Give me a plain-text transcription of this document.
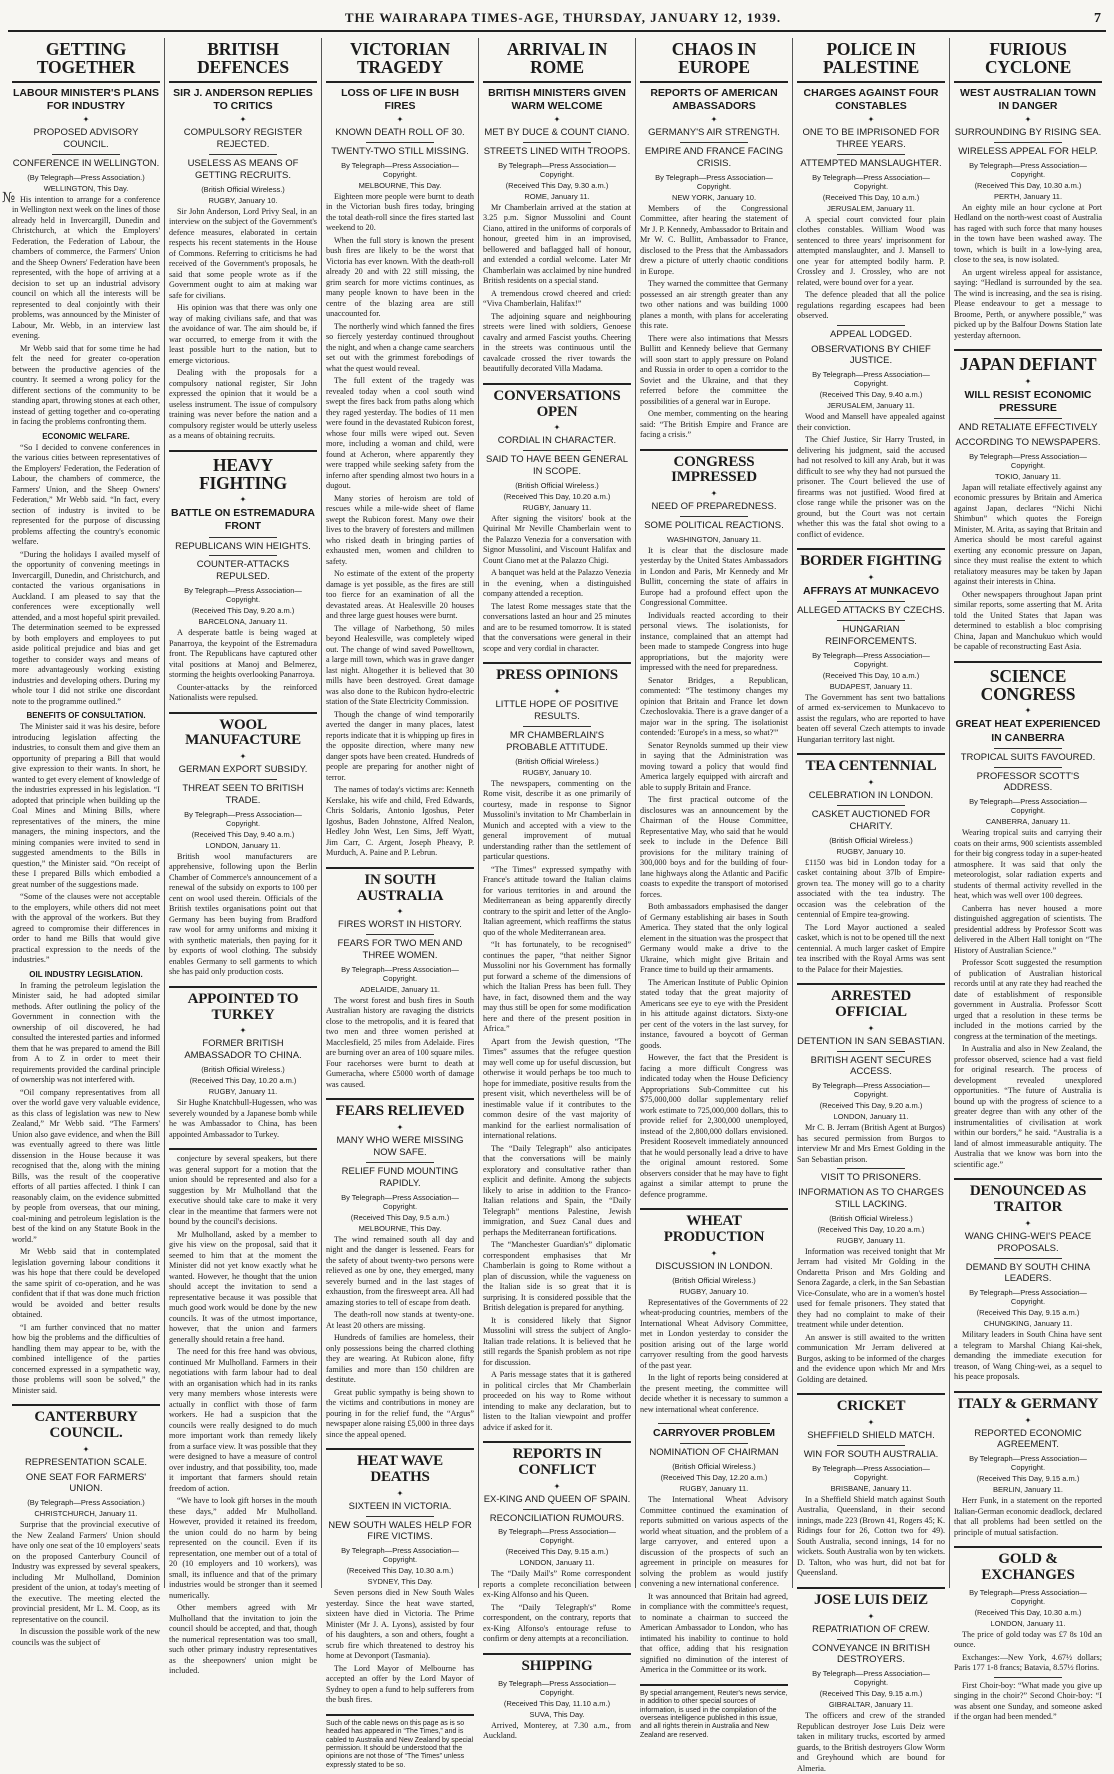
№
THE WAIRARAPA TIMES-AGE, THURSDAY, JANUARY 12, 1939.	7
GETTING TOGETHER
LABOUR MINISTER'S PLANS FOR INDUSTRY
✦
PROPOSED ADVISORY COUNCIL.
CONFERENCE IN WELLINGTON.
(By Telegraph—Press Association.)
WELLINGTON, This Day.

His intention to arrange for a conference in Wellington next week on the lines of those already held in Invercargill, Dunedin and Christchurch, at which the Employers' Federation, the Federation of Labour, the chambers of commerce, the Farmers' Union and the Sheep Owners' Federation have been represented, with the hope of arriving at a decision to set up an industrial advisory council on which all the interests will be represented to deal conjointly with their problems, was announced by the Minister of Labour, Mr. Webb, in an interview last evening.

Mr Webb said that for some time he had felt the need for greater co-operation between the productive agencies of the country. It seemed a wrong policy for the different sections of the community to be standing apart, throwing stones at each other, instead of getting together and co-operating in facing the problems confronting them.

ECONOMIC WELFARE.

“So I decided to convene conferences in the various cities between representatives of the Employers' Federation, the Federation of Labour, the chambers of commerce, the Farmers' Union, and the Sheep Owners' Federation,” Mr Webb said. “In fact, every section of industry is invited to be represented for the purpose of discussing problems affecting the country's economic welfare.

“During the holidays I availed myself of the opportunity of convening meetings in Invercargill, Dunedin, and Christchurch, and contacted the various organisations in Auckland. I am pleased to say that the conferences were exceptionally well attended, and a most hopeful spirit prevailed. The determination seemed to be expressed by both employers and employees to put aside political prejudice and bias and get together to consider ways and means of more advantageously working existing industries and developing others. During my whole tour I did not strike one discordant note to the programme outlined.”

BENEFITS OF CONSULTATION.

The Minister said it was his desire, before introducing legislation affecting the industries, to consult them and give them an opportunity of preparing a Bill that would give expression to their wants. In short, he wanted to get every element of knowledge of the industries expressed in his legislation. “I adopted that principle when building up the Coal Mines and Mining Bills, where representatives of the miners, the mine managers, the mining inspectors, and the mining companies were invited to send in suggested amendments to the Bills in question,” the Minister said. “On receipt of these I prepared Bills which embodied a great number of the suggestions made.

“Some of the clauses were not acceptable to the employers, while others did not meet with the approval of the workers. But they agreed to compromise their differences in order to hand me Bills that would give practical expression to the needs of the industries.”

OIL INDUSTRY LEGISLATION.

In framing the petroleum legislation the Minister said, he had adopted similar methods. After outlining the policy of the Government in connection with the ownership of oil discovered, he had consulted the interested parties and informed them that he was prepared to amend the Bill from A to Z in order to meet their requirements provided the cardinal principle of ownership was not interfered with.

“Oil company representatives from all over the world gave very valuable evidence, as this class of legislation was new to New Zealand,” Mr Webb said. “The Farmers' Union also gave evidence, and when the Bill was eventually agreed to there was little dissension in the House because it was recognised that the, along with the mining Bills, was the result of the cooperative efforts of all parties affected. I think I can reasonably claim, on the evidence submitted by people from overseas, that our mining, coal-mining and petroleum legislation is the best of the kind on any Statute Book in the world.”

Mr Webb said that in contemplated legislation governing labour conditions it was his hope that there could be developed the same spirit of co-operation, and he was confident that if that was done much friction would be avoided and better results obtained.

“I am further convinced that no matter how big the problems and the difficulties of handling them may appear to be, with the combined intelligence of the parties concerned expressed in a sympathetic way, those problems will soon be solved,” the Minister said.

CANTERBURY COUNCIL.
✦
REPRESENTATION SCALE.
ONE SEAT FOR FARMERS' UNION.
(By Telegraph—Press Association.)
CHRISTCHURCH, January 11.

Surprise that the provincial executive of the New Zealand Farmers' Union should have only one seat of the 10 employers' seats on the proposed Canterbury Council of Industry was expressed by several speakers, including Mr Mulholland, Dominion president of the union, at today's meeting of the executive. The meeting elected the provincial president, Mr L. M. Coop, as its representative on the council.

In discussion the possible work of the new councils was the subject of

BRITISH DEFENCES
SIR J. ANDERSON REPLIES TO CRITICS
✦
COMPULSORY REGISTER REJECTED.
USELESS AS MEANS OF GETTING RECRUITS.
(British Official Wireless.)
RUGBY, January 10.

Sir John Anderson, Lord Privy Seal, in an interview on the subject of the Government's defence measures, elaborated in certain respects his recent statements in the House of Commons. Referring to criticisms he had received of the Government's proposals, he said that some people wrote as if the Government ought to aim at making war safe for civilians.

His opinion was that there was only one way of making civilians safe, and that was the avoidance of war. The aim should be, if war occurred, to emerge from it with the least possible hurt to the nation, but to emerge victorious.

Dealing with the proposals for a compulsory national register, Sir John expressed the opinion that it would be a useless instrument. The issue of compulsory training was never before the nation and a compulsory register would be utterly useless as a means of obtaining recruits.

HEAVY FIGHTING
✦
BATTLE ON ESTREMADURA FRONT
REPUBLICANS WIN HEIGHTS.
COUNTER-ATTACKS REPULSED.
By Telegraph—Press Association—Copyright.
(Received This Day, 9.20 a.m.)
BARCELONA, January 11.

A desperate battle is being waged at Panarroya, the keypoint of the Estremadura front. The Republicans have captured other vital positions at Manoj and Belmerez, storming the heights overlooking Panarroya.

Counter-attacks by the reinforced Nationalists were repulsed.

WOOL MANUFACTURE
✦
GERMAN EXPORT SUBSIDY.
THREAT SEEN TO BRITISH TRADE.
By Telegraph—Press Association—Copyright.
(Received This Day, 9.40 a.m.)
LONDON, January 11.

British wool manufacturers are apprehensive, following upon the Berlin Chamber of Commerce's announcement of a renewal of the subsidy on exports to 100 per cent on wool used therein. Officials of the British textiles organisations point out that Germany has been buying from Bradford raw wool for army uniforms and mixing it with synthetic materials, then paying for it by exports of wool clothing. The subsidy enables Germany to sell garments to which she has paid only production costs.

APPOINTED TO TURKEY
✦
FORMER BRITISH AMBASSADOR TO CHINA.
(British Official Wireless.)
(Received This Day, 10.20 a.m.)
RUGBY, January 11.

Sir Hughe Knatchbull-Hugessen, who was severely wounded by a Japanese bomb while he was Ambassador to China, has been appointed Ambassador to Turkey.

conjecture by several speakers, but there was general support for a motion that the union should be represented and also for a suggestion by Mr Mulholland that the executive should take care to make it very clear in the meantime that farmers were not bound by the council's decisions.

Mr Mulholland, asked by a member to give his view on the proposal, said that it seemed to him that at the moment the Minister did not yet know exactly what he wanted. However, he thought that the union should accept the invitation to send a representative because it was possible that much good work would be done by the new councils. It was of the utmost importance, however, that the union and farmers generally should retain a free hand.

The need for this free hand was obvious, continued Mr Mulholland. Farmers in their negotiations with farm labour had to deal with an organisation which had in its ranks very many members whose interests were actually in conflict with those of farm workers. He had a suspicion that the councils were really designed to do much more important work than remedy likely from a surface view. It was possible that they were designed to have a measure of control over industry, and that possibility, too, made it important that farmers should retain freedom of action.

“We have to look gift horses in the mouth these days,” added Mr Mulholland. However, provided it retained its freedom, the union could do no harm by being represented on the council. Even if its representation, one member out of a total of 20 (10 employers and 10 workers), was small, its influence and that of the primary industries would be stronger than it seemed numerically.

Other members agreed with Mr Mulholland that the invitation to join the council should be accepted, and that, though the numerical representation was too small, such other primary industry representatives as the sheepowners' union might be included.

VICTORIAN TRAGEDY
LOSS OF LIFE IN BUSH FIRES
✦
KNOWN DEATH ROLL OF 30.
TWENTY-TWO STILL MISSING.
By Telegraph—Press Association—Copyright.
MELBOURNE, This Day.

Eighteen more people were burnt to death in the Victorian bush fires today, bringing the total death-roll since the fires started last weekend to 20.

When the full story is known the present bush fires are likely to be the worst that Victoria has ever known. With the death-roll already 20 and with 22 still missing, the grim search for more victims continues, as many people known to have been in the centre of the blazing area are still unaccounted for.

The northerly wind which fanned the fires so fiercely yesterday continued throughout the night, and when a change came searchers set out with the grimmest forebodings of what the quest would reveal.

The full extent of the tragedy was revealed today when a cool south wind swept the fires back from paths along which they raged yesterday. The bodies of 11 men were found in the devastated Rubicon forest, whose four mills were wiped out. Seven more, including a woman and child, were found at Acheron, where apparently they were trapped while seeking safety from the inferno after spending almost two hours in a dugout.

Many stories of heroism are told of rescues while a mile-wide sheet of flame swept the Rubicon forest. Many owe their lives to the bravery of foresters and millmen who risked death in bringing parties of exhausted men, women and children to safety.

No estimate of the extent of the property damage is yet possible, as the fires are still too fierce for an examination of all the devastated areas. At Healesville 20 houses and three large guest houses were burnt.

The village of Narbethong, 50 miles beyond Healesville, was completely wiped out. The change of wind saved Powelltown, a large mill town, which was in grave danger last night. Altogether it is believed that 30 mills have been destroyed. Great damage was also done to the Rubicon hydro-electric station of the State Electricity Commission.

Though the change of wind temporarily averted the danger in many places, latest reports indicate that it is whipping up fires in the opposite direction, where many new danger spots have been created. Hundreds of people are preparing for another night of terror.

The names of today's victims are: Kenneth Kerslake, his wife and child, Fred Edwards, Chris Soldaris, Antonio Igoshus, Peter Igoshus, Baden Johnstone, Alfred Nealon, Hedley John West, Len Sims, Jeff Wyatt, Jim Carr, C. Argent, Joseph Pheavy, P. Murduch, A. Paine and P. Lebrun.

IN SOUTH AUSTRALIA
✦
FIRES WORST IN HISTORY.
FEARS FOR TWO MEN AND THREE WOMEN.
By Telegraph—Press Association—Copyright.
ADELAIDE, January 11.

The worst forest and bush fires in South Australian history are ravaging the districts close to the metropolis, and it is feared that two men and three women perished at Macclesfield, 25 miles from Adelaide. Fires are burning over an area of 100 square miles. Four racehorses were burnt to death at Gumeracha, where £5000 worth of damage was caused.

FEARS RELIEVED
✦
MANY WHO WERE MISSING NOW SAFE.
RELIEF FUND MOUNTING RAPIDLY.
By Telegraph—Press Association—Copyright.
(Received This Day, 9.5 a.m.)
MELBOURNE, This Day.

The wind remained south all day and night and the danger is lessened. Fears for the safety of about twenty-two persons were relieved as one by one, they emerged, many severely burned and in the last stages of exhaustion, from the firesweept area. All had amazing stories to tell of escape from death.

The death-roll now stands at twenty-one. At least 20 others are missing.

Hundreds of families are homeless, their only possessions being the charred clothing they are wearing. At Rubicon alone, fifty families and more than 150 children are destitute.

Great public sympathy is being shown to the victims and contributions in money are pouring in for the relief fund, the “Argus” newspaper alone raising £5,000 in three days since the appeal opened.

HEAT WAVE DEATHS
✦
SIXTEEN IN VICTORIA.
NEW SOUTH WALES HELP FOR FIRE VICTIMS.
By Telegraph—Press Association—Copyright.
(Received This Day, 10.30 a.m.)
SYDNEY, This Day.

Seven persons died in New South Wales yesterday. Since the heat wave started, sixteen have died in Victoria. The Prime Minister (Mr J. A. Lyons), assisted by four of his daughters, a son and others, fought a scrub fire which threatened to destroy his home at Devonport (Tasmania).

The Lord Mayor of Melbourne has accepted an offer by the Lord Mayor of Sydney to open a fund to help sufferers from the bush fires.

Such of the cable news on this page as is so headed has appeared in “The Times,” and is cabled to Australia and New Zealand by special permission. It should be understood that the opinions are not those of “The Times” unless expressly stated to be so.
ARRIVAL IN ROME
BRITISH MINISTERS GIVEN WARM WELCOME
✦
MET BY DUCE & COUNT CIANO.
STREETS LINED WITH TROOPS.
By Telegraph—Press Association—Copyright.
(Received This Day, 9.30 a.m.)
ROME, January 11.

Mr Chamberlain arrived at the station at 3.25 p.m. Signor Mussolini and Count Ciano, attired in the uniforms of corporals of honour, greeted him in an improvised, bellowered and baflagged hall of honour, and extended a cordial welcome. Later Mr Chamberlain was acclaimed by nine hundred British residents on a special stand.

A tremendous crowd cheered and cried: “Viva Chamberlain, Halifax!”

The adjoining square and neighbouring streets were lined with soldiers, Genoese cavalry and armed Fascist youths. Cheering in the streets was continuous until the cavalcade crossed the river towards the beautifully decorated Villa Madama.

CONVERSATIONS OPEN
✦
CORDIAL IN CHARACTER.
SAID TO HAVE BEEN GENERAL IN SCOPE.
(British Official Wireless.)
(Received This Day, 10.20 a.m.)
RUGBY, January 11.

After signing the visitors' book at the Quirinal Mr Neville Chamberlain went to the Palazzo Venezia for a conversation with Signor Mussolini, and Viscount Halifax and Count Ciano met at the Palazzo Chigi.

A banquet was held at the Palazzo Venezia in the evening, when a distinguished company attended a reception.

The latest Rome messages state that the conversations lasted an hour and 25 minutes and are to be resumed tomorrow. It is stated that the conversations were general in their scope and very cordial in character.

PRESS OPINIONS
✦
LITTLE HOPE OF POSITIVE RESULTS.
MR CHAMBERLAIN'S PROBABLE ATTITUDE.
(British Official Wireless.)
RUGBY, January 10.

The newspapers, commenting on the Rome visit, describe it as one primarily of courtesy, made in response to Signor Mussolini's invitation to Mr Chamberlain in Munich and accepted with a view to the general improvement of mutual understanding rather than the settlement of particular questions.

“The Times” expressed sympathy with France's attitude toward the Italian claims for various territories in and around the Mediterranean as being apparently directly contrary to the spirit and letter of the Anglo-Italian agreement, which reaffirms the status quo of the whole Mediterranean area.

“It has fortunately, to be recognised” continues the paper, “that neither Signor Mussolini nor his Government has formally put forward a scheme of the dimensions of which the Italian Press has been full. They have, in fact, disowned them and the way may thus still be open for some modification here and there of the present position in Africa.”

Apart from the Jewish question, “The Times” assumes that the refugee question may well come up for useful discussion, but otherwise it would perhaps be too much to hope for immediate, positive results from the present visit, which nevertheless will be of inestimable value if it contributes to the common desire of the vast majority of mankind for the earliest normalisation of international relations.

The “Daily Telegraph” also anticipates that the conversations will be mainly exploratory and consultative rather than explicit and definite. Among the subjects likely to arise in addition to the Franco-Italian relations and Spain, the “Daily Telegraph” mentions Palestine, Jewish immigration, and Suez Canal dues and perhaps the Mediterranean fortifications.

The “Manchester Guardian's” diplomatic correspondent emphasises that Mr Chamberlain is going to Rome without a plan of discussion, while the vagueness on the Italian side is so great that it is surprising. It is considered possible that the British delegation is prepared for anything.

It is considered likely that Signor Mussolini will stress the subject of Anglo-Italian trade relations. It is believed that he still regards the Spanish problem as not ripe for discussion.

A Paris message states that it is gathered in political circles that Mr Chamberlain proceeded on his way to Rome without intending to make any declaration, but to listen to the Italian viewpoint and proffer advice if asked for it.

REPORTS IN CONFLICT
✦
EX-KING AND QUEEN OF SPAIN.
RECONCILIATION RUMOURS.
By Telegraph—Press Association—Copyright.
(Received This Day, 9.15 a.m.)
LONDON, January 11.

The “Daily Mail's” Rome correspondent reports a complete reconciliation between ex-King Alfonso and his Queen.

The “Daily Telegraph's” Rome correspondent, on the contrary, reports that ex-King Alfonso's entourage refuse to confirm or deny attempts at a reconciliation.

SHIPPING
By Telegraph—Press Association—Copyright.
(Received This Day, 11.10 a.m.)
SUVA, This Day.

Arrived, Monterey, at 7.30 a.m., from Auckland.

CHAOS IN EUROPE
REPORTS OF AMERICAN AMBASSADORS
✦
GERMANY'S AIR STRENGTH.
EMPIRE AND FRANCE FACING CRISIS.
By Telegraph—Press Association—Copyright.
NEW YORK, January 10.

Members of the Congressional Committee, after hearing the statement of Mr J. P. Kennedy, Ambassador to Britain and Mr W. C. Bullitt, Ambassador to France, disclosed to the Press that the Ambassadors drew a picture of utterly chaotic conditions in Europe.

They warned the committee that Germany possessed an air strength greater than any two other nations and was building 1000 planes a month, with plans for accelerating this rate.

There were also intimations that Messrs Bullitt and Kennedy believe that Germany will soon start to apply pressure on Poland and Russia in order to open a corridor to the Soviet and the Ukraine, and that they referred before the committee the possibilities of a general war in Europe.

One member, commenting on the hearing said: “The British Empire and France are facing a crisis.”

CONGRESS IMPRESSED
✦
NEED OF PREPAREDNESS.
SOME POLITICAL REACTIONS.
WASHINGTON, January 11.

It is clear that the disclosure made yesterday by the United States Ambassadors in London and Paris, Mr Kennedy and Mr Bullitt, concerning the state of affairs in Europe had a profound effect upon the Congressional Committee.

Individuals reacted according to their personal views. The isolationists, for instance, complained that an attempt had been made to stampede Congress into huge appropriations, but the majority were impressed with the need for preparedness.

Senator Bridges, a Republican, commented: “The testimony changes my opinion that Britain and France let down Czechoslovakia. There is a grave danger of a major war in the spring. The isolationist contended: 'Europe's in a mess, so what?'”

Senator Reynolds summed up their view in saying that the Administration was moving toward a policy that would find America largely equipped with aircraft and able to supply Britain and France.

The first practical outcome of the disclosures was an announcement by the Chairman of the House Committee, Representative May, who said that he would seek to include in the Defence Bill provisions for the military training of 300,000 boys and for the building of four-lane highways along the Atlantic and Pacific coasts to expedite the transport of motorised forces.

Both ambassadors emphasised the danger of Germany establishing air bases in South America. They stated that the only logical element in the situation was the prospect that Germany would make a drive to the Ukraine, which might give Britain and France time to build up their armaments.

The American Institute of Public Opinion stated today that the great majority of Americans see eye to eye with the President in his attitude against dictators. Sixty-one per cent of the voters in the last survey, for instance, favoured a boycott of German goods.

However, the fact that the President is facing a more difficult Congress was indicated today when the House Deficiency Appropriations Sub-Committee cut his $75,000,000 dollar supplementary relief work estimate to 725,000,000 dollars, this to provide relief for 2,300,000 unemployed, instead of the 2,800,000 dollars envisioned. President Roosevelt immediately announced that he would personally lead a drive to have the original amount restored. Some observers consider that he may have to fight against a similar attempt to prune the defence programme.

WHEAT PRODUCTION
✦
DISCUSSION IN LONDON.
(British Official Wireless.)
RUGBY, January 10.

Representatives of the Governments of 22 wheat-producing countries, members of the International Wheat Advisory Committee, met in London yesterday to consider the position arising out of the large world carryover resulting from the good harvests of the past year.

In the light of reports being considered at the present meeting, the committee will decide whether it is necessary to summon a new international wheat conference.

CARRYOVER PROBLEM
NOMINATION OF CHAIRMAN
(British Official Wireless.)
(Received This Day, 12.20 a.m.)
RUGBY, January 11.

The International Wheat Advisory Committee continued the examination of reports submitted on various aspects of the world wheat situation, and the problem of a large carryover, and entered upon a discussion of the prospects of such an agreement in principle on measures for solving the problem as would justify convening a new international conference.

It was announced that Britain had agreed, in compliance with the committee's request, to nominate a chairman to succeed the American Ambassador to London, who has intimated his inability to continue to hold that office, adding that his resignation signified no diminution of the interest of America in the Committee or its work.

By special arrangement, Reuter's news service, in addition to other special sources of information, is used in the compilation of the overseas intelligence published in this issue, and all rights therein in Australia and New Zealand are reserved.
POLICE IN PALESTINE
CHARGES AGAINST FOUR CONSTABLES
✦
ONE TO BE IMPRISONED FOR THREE YEARS.
ATTEMPTED MANSLAUGHTER.
By Telegraph—Press Association—Copyright.
(Received This Day, 10 a.m.)
JERUSALEM, January 11.

A special court convicted four plain clothes constables. William Wood was sentenced to three years' imprisonment for attempted manslaughter, and J. Mansell to one year for attempted bodily harm. P. Crossley and J. Crossley, who are not related, were bound over for a year.

The defence pleaded that all the police regulations regarding escapees had been observed.

APPEAL LODGED.
OBSERVATIONS BY CHIEF JUSTICE.
By Telegraph—Press Association—Copyright.
(Received This Day, 9.40 a.m.)
JERUSALEM, January 11.

Wood and Mansell have appealed against their conviction.

The Chief Justice, Sir Harry Trusted, in delivering his judgment, said the accused had not resolved to kill any Arab, but it was difficult to see why they had not pursued the prisoner. The Court believed the use of firearms was not justified. Wood fired at close range while the prisoner was on the ground, but the Court was not certain whether this was the fatal shot owing to a conflict of evidence.

BORDER FIGHTING
✦
AFFRAYS AT MUNKACEVO
ALLEGED ATTACKS BY CZECHS.
HUNGARIAN REINFORCEMENTS.
By Telegraph—Press Association—Copyright.
(Received This Day, 10 a.m.)
BUDAPEST, January 11.

The Government has sent two battalions of armed ex-servicemen to Munkacevo to assist the regulars, who are reported to have beaten off several Czech attempts to invade Hungarian territory last night.

TEA CENTENNIAL
✦
CELEBRATION IN LONDON.
CASKET AUCTIONED FOR CHARITY.
(British Official Wireless.)
RUGBY, January 10.

£1150 was bid in London today for a casket containing about 37lb of Empire-grown tea. The money will go to a charity associated with the tea industry. The occasion was the celebration of the centennial of Empire tea-growing.

The Lord Mayor auctioned a sealed casket, which is not to be opened till the next centennial. A much larger casket of Empire tea inscribed with the Royal Arms was sent to the Palace for their Majesties.

ARRESTED OFFICIAL
✦
DETENTION IN SAN SEBASTIAN.
BRITISH AGENT SECURES ACCESS.
By Telegraph—Press Association—Copyright.
(Received This Day, 9.20 a.m.)
LONDON, January 11.

Mr C. B. Jerram (British Agent at Burgos) has secured permission from Burgos to interview Mr and Mrs Ernest Golding in the San Sebastian prison.

VISIT TO PRISONERS.
INFORMATION AS TO CHARGES STILL LACKING.
(British Official Wireless.)
(Received This Day, 10.20 a.m.)
RUGBY, January 11.

Information was received tonight that Mr Jerram had visited Mr Golding in the Ondaretta Prison and Mrs Golding and Senora Zagarde, a clerk, in the San Sebastian Vice-Consulate, who are in a women's hostel used for female prisoners. They stated that they had no complaint to make of their treatment while under detention.

An answer is still awaited to the written communication Mr Jerram delivered at Burgos, asking to be informed of the charges and the evidence upon which Mr and Mrs Golding are detained.

CRICKET
✦
SHEFFIELD SHIELD MATCH.
WIN FOR SOUTH AUSTRALIA.
By Telegraph—Press Association—Copyright.
BRISBANE, January 11.

In a Sheffield Shield match against South Australia, Queensland, in their second innings, made 223 (Brown 41, Rogers 45; K. Ridings four for 26, Cotton two for 49). South Australia, second innings, 14 for no wickets. South Australia won by ten wickets. D. Talton, who was hurt, did not bat for Queensland.

JOSE LUIS DEIZ
✦
REPATRIATION OF CREW.
CONVEYANCE IN BRITISH DESTROYERS.
By Telegraph—Press Association—Copyright.
(Received This Day, 9.15 a.m.)
GIBRALTAR, January 11.

The officers and crew of the stranded Republican destroyer Jose Luis Deiz were taken in military trucks, escorted by armed guards, to the British destroyers Glow Worm and Greyhound which are bound for Almeria.

FURIOUS CYCLONE
WEST AUSTRALIAN TOWN IN DANGER
✦
SURROUNDING BY RISING SEA.
WIRELESS APPEAL FOR HELP.
By Telegraph—Press Association—Copyright.
(Received This Day, 10.30 a.m.)
PERTH, January 11.

An eighty mile an hour cyclone at Port Hedland on the north-west coast of Australia has raged with such force that many houses in the town have been washed away. The town, which is built in a low-lying area, close to the sea, is now isolated.

An urgent wireless appeal for assistance, saying: “Hedland is surrounded by the sea. The wind is increasing, and the sea is rising. Please endeavour to get a message to Broome, Perth, or anywhere possible,” was picked up by the Balfour Downs Station late yesterday afternoon.

JAPAN DEFIANT
✦
WILL RESIST ECONOMIC PRESSURE
AND RETALIATE EFFECTIVELY
ACCORDING TO NEWSPAPERS.
By Telegraph—Press Association—Copyright.
TOKIO, January 11.

Japan will retaliate effectively against any economic pressures by Britain and America against Japan, declares “Nichi Nichi Shimbun” which quotes the Foreign Minister, M. Arita, as saying that Britain and America should be most careful against exerting any economic pressure on Japan, since they must realise the extent to which retaliatory measures may be taken by Japan against their interests in China.

Other newspapers throughout Japan print similar reports, some asserting that M. Arita told the United States that Japan was determined to establish a bloc comprising China, Japan and Manchukuo which would be capable of reconstructing East Asia.

SCIENCE CONGRESS
✦
GREAT HEAT EXPERIENCED IN CANBERRA
TROPICAL SUITS FAVOURED.
PROFESSOR SCOTT'S ADDRESS.
By Telegraph—Press Association—Copyright.
CANBERRA, January 11.

Wearing tropical suits and carrying their coats on their arms, 900 scientists assembled for their big congress today in a super-heated atmosphere. It was said that only the meteorologist, solar radiation experts and students of thermal activity revelled in the heat, which was well over 100 degrees.

Canberra has never housed a more distinguished aggregation of scientists. The presidential address by Professor Scott was delivered in the Albert Hall tonight on “The History of Australian Science.”

Professor Scott suggested the resumption of publication of Australian historical records until at any rate they had reached the date of establishment of responsible government in Australia. Professor Scott urged that a resolution in these terms be included in the motions carried by the congress at the termination of the meetings.

In Australia and also in New Zealand, the professor observed, science had a vast field for original research. The process of development revealed unexplored opportunities. “The future of Australia is bound up with the progress of science to a greater degree than with any other of the instrumentalities of civilisation at work within our borders,” he said. “Australia is a land of almost immeasurable antiquity. The Australia that we know was born into the scientific age.”

DENOUNCED AS TRAITOR
✦
WANG CHING-WEI'S PEACE PROPOSALS.
DEMAND BY SOUTH CHINA LEADERS.
By Telegraph—Press Association—Copyright.
(Received This Day, 9.15 a.m.)
CHUNGKING, January 11.

Military leaders in South China have sent a telegram to Marshal Chiang Kai-shek, demanding the immediate execution for treason, of Wang Ching-wei, as a sequel to his peace proposals.

ITALY & GERMANY
✦
REPORTED ECONOMIC AGREEMENT.
By Telegraph—Press Association—Copyright.
(Received This Day, 9.15 a.m.)
BERLIN, January 11.

Herr Funk, in a statement on the reported Italian-German economic deadlock, declared that all problems had been settled on the principle of mutual satisfaction.

GOLD & EXCHANGES
By Telegraph—Press Association—Copyright.
(Received This Day, 10.30 a.m.)
LONDON, January 11.

The price of gold today was £7 8s 10d an ounce.

Exchanges:—New York, 4.67½ dollars; Paris 177 1-8 francs; Batavia, 8.57½ florins.

First Choir-boy: “What made you give up singing in the choir?” Second Choir-boy: “I was absent one Sunday, and someone asked if the organ had been mended.”
